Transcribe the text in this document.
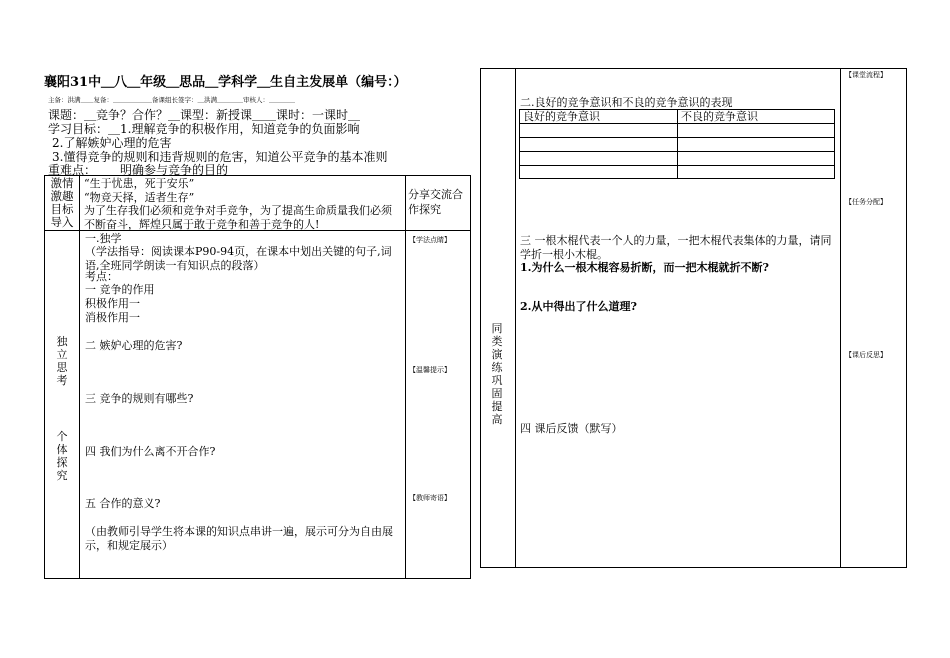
襄阳31中＿八＿年级＿思品＿学科学＿生自主发展单（编号：）
主备：洪满＿＿复备：＿＿＿＿＿＿备课组长签字：＿洪满＿＿＿＿审核人：＿＿＿＿
课题：＿竞争？合作？＿课型：新授课＿＿课时：一课时＿
学习目标：＿1.理解竞争的积极作用，知道竞争的负面影响
2.了解嫉妒心理的危害
3.懂得竞争的规则和违背规则的危害，知道公平竞争的基本准则
重难点：＿＿明确参与竞争的目的＿＿＿＿＿＿＿＿＿＿＿＿＿＿＿
激情激趣目标导入
“生于忧患，死于安乐”
“物竞天择，适者生存”
为了生存我们必须和竞争对手竞争，为了提高生命质量我们必须不断奋斗，辉煌只属于敢于竞争和善于竞争的人!
分享交流合作探究
独立思考
个体探究
一.独学
（学法指导：阅读课本P90-94页，在课本中划出关键的句子,词语,全班同学朗读一有知识点的段落）
考点：
一 竞争的作用
积极作用一
消极作用一
二 嫉妒心理的危害?
三 竞争的规则有哪些?
四 我们为什么离不开合作?
五 合作的意义?
（由教师引导学生将本课的知识点串讲一遍，展示可分为自由展示，和规定展示）
【学法点睛】
【温馨提示】
【教师寄语】
同类演练巩固提高
二.良好的竞争意识和不良的竞争意识的表现
良好的竞争意识	不良的竞争意识
三 一根木棍代表一个人的力量，一把木棍代表集体的力量，请同学折一根小木棍。
1.为什么一根木棍容易折断，而一把木棍就折不断?
2.从中得出了什么道理?
四 课后反馈（默写）
【课堂流程】
【任务分配】
【课后反思】
